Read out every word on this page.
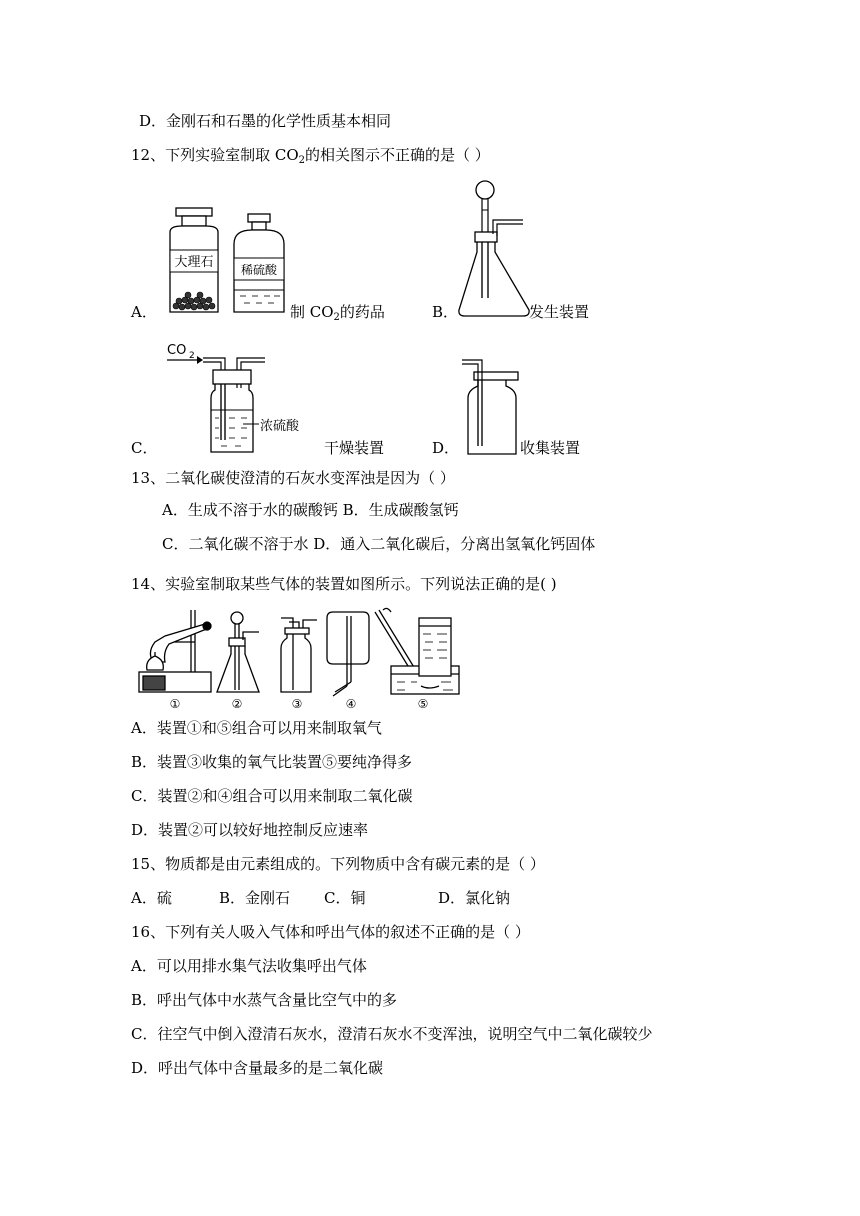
D．金刚石和石墨的化学性质基本相同
12、下列实验室制取 $CO_2$的相关图示不正确的是（ ）
大理石 稀硫酸
A．	制 $CO_2$的药品	B．	发生装置
CO 2
浓硫酸
C．	干燥装置	D．	收集装置
13、二氧化碳使澄清的石灰水变浑浊是因为（ ）
A．生成不溶于水的碳酸钙 B．生成碳酸氢钙
C．二氧化碳不溶于水 D．通入二氧化碳后，分离出氢氧化钙固体
14、实验室制取某些气体的装置如图所示。下列说法正确的是( )
①	②	③	④	⑤
A．装置①和⑤组合可以用来制取氧气
B．装置③收集的氧气比装置⑤要纯净得多
C．装置②和④组合可以用来制取二氧化碳
D．装置②可以较好地控制反应速率
15、物质都是由元素组成的。下列物质中含有碳元素的是（ ）
A．硫	B．金刚石 C．铜	D．氯化钠
16、下列有关人吸入气体和呼出气体的叙述不正确的是（ ）
A．可以用排水集气法收集呼出气体
B．呼出气体中水蒸气含量比空气中的多
C．往空气中倒入澄清石灰水，澄清石灰水不变浑浊，说明空气中二氧化碳较少
D．呼出气体中含量最多的是二氧化碳
